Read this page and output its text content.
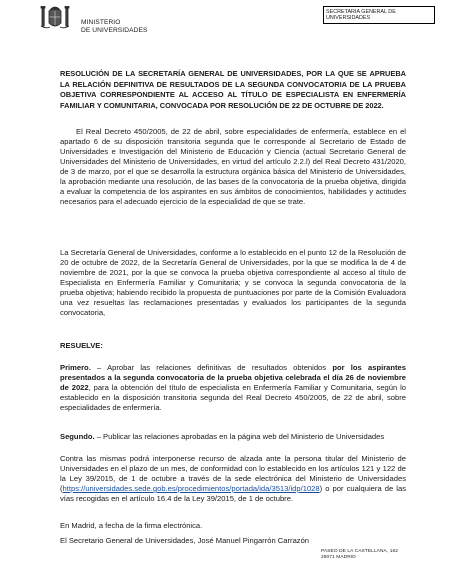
MINISTERIO
DE UNIVERSIDADES
SECRETARIA GENERAL DE
UNIVERSIDADES
RESOLUCIÓN DE LA SECRETARÍA GENERAL DE UNIVERSIDADES, POR LA QUE SE APRUEBA LA RELACIÓN DEFINITIVA DE RESULTADOS DE LA SEGUNDA CONVOCATORIA DE LA PRUEBA OBJETIVA CORRESPONDIENTE AL ACCESO AL TÍTULO DE ESPECIALISTA EN ENFERMERÍA FAMILIAR Y COMUNITARIA, CONVOCADA POR RESOLUCIÓN DE 22 DE OCTUBRE DE 2022.
El Real Decreto 450/2005, de 22 de abril, sobre especialidades de enfermería, establece en el apartado 6 de su disposición transitoria segunda que le corresponde al Secretario de Estado de Universidades e Investigación del Ministerio de Educación y Ciencia (actual Secretario General de Universidades del Ministerio de Universidades, en virtud del artículo 2.2.l) del Real Decreto 431/2020, de 3 de marzo, por el que se desarrolla la estructura orgánica básica del Ministerio de Universidades, la aprobación mediante una resolución, de las bases de la convocatoria de la prueba objetiva, dirigida a evaluar la competencia de los aspirantes en sus ámbitos de conocimientos, habilidades y actitudes necesarios para el adecuado ejercicio de la especialidad de que se trate.
La Secretaría General de Universidades, conforme a lo establecido en el punto 12 de la Resolución de 20 de octubre de 2022, de la Secretaría General de Universidades, por la que se modifica la de 4 de noviembre de 2021, por la que se convoca la prueba objetiva correspondiente al acceso al título de Especialista en Enfermería Familiar y Comunitaria; y se convoca la segunda convocatoria de la prueba objetiva; habiendo recibido la propuesta de puntuaciones por parte de la Comisión Evaluadora una vez resueltas las reclamaciones presentadas y evaluados los participantes de la segunda convocatoria,
RESUELVE:
Primero. – Aprobar las relaciones definitivas de resultados obtenidos por los aspirantes presentados a la segunda convocatoria de la prueba objetiva celebrada el día 26 de noviembre de 2022, para la obtención del título de especialista en Enfermería Familiar y Comunitaria, según lo establecido en la disposición transitoria segunda del Real Decreto 450/2005, de 22 de abril, sobre especialidades de enfermería.
Segundo. – Publicar las relaciones aprobadas en la página web del Ministerio de Universidades
Contra las mismas podrá interponerse recurso de alzada ante la persona titular del Ministerio de Universidades en el plazo de un mes, de conformidad con lo establecido en los artículos 121 y 122 de la Ley 39/2015, de 1 de octubre a través de la sede electrónica del Ministerio de Universidades (https://universidades.sede.gob.es/procedimientos/portada/ida/3513/idp/1028) o por cualquiera de las vías recogidas en el artículo 16.4 de la Ley 39/2015, de 1 de octubre.
En Madrid, a fecha de la firma electrónica.
El Secretario General de Universidades, José Manuel Pingarrón Carrazón
PASEO DE LA CASTELLANA, 162
28071 MADRID
